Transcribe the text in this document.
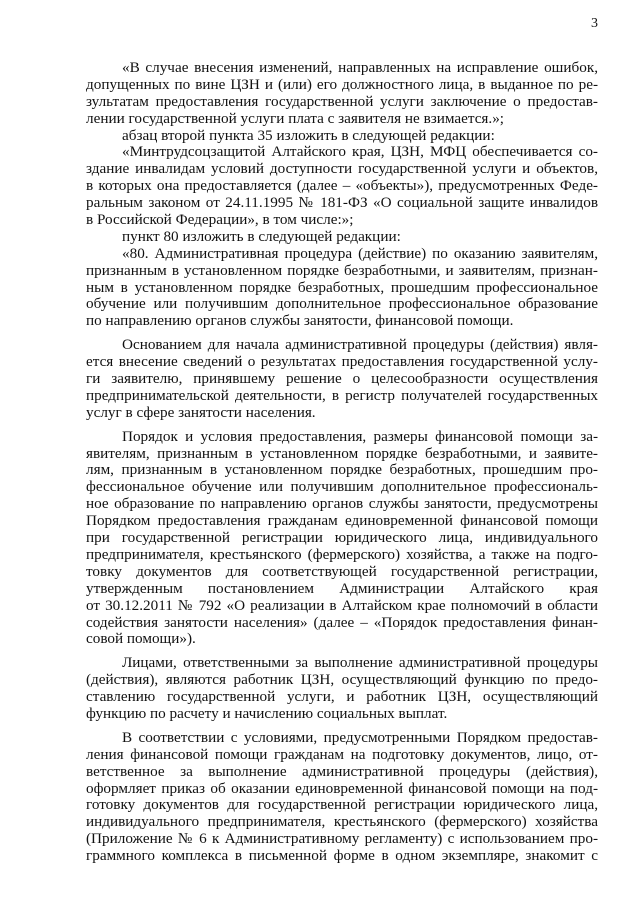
3
«В случае внесения изменений, направленных на исправление ошибок,
допущенных по вине ЦЗН и (или) его должностного лица, в выданное по ре-
зультатам предоставления государственной услуги заключение о предостав-
лении государственной услуги плата с заявителя не взимается.»;
абзац второй пункта 35 изложить в следующей редакции:
«Минтрудсоцзащитой Алтайского края, ЦЗН, МФЦ обеспечивается со-
здание инвалидам условий доступности государственной услуги и объектов,
в которых она предоставляется (далее – «объекты»), предусмотренных Феде-
ральным законом от 24.11.1995 № 181-ФЗ «О социальной защите инвалидов
в Российской Федерации», в том числе:»;
пункт 80 изложить в следующей редакции:
«80. Административная процедура (действие) по оказанию заявителям,
признанным в установленном порядке безработными, и заявителям, признан-
ным в установленном порядке безработных, прошедшим профессиональное
обучение или получившим дополнительное профессиональное образование
по направлению органов службы занятости, финансовой помощи.
Основанием для начала административной процедуры (действия) явля-
ется внесение сведений о результатах предоставления государственной услу-
ги заявителю, принявшему решение о целесообразности осуществления
предпринимательской деятельности, в регистр получателей государственных
услуг в сфере занятости населения.
Порядок и условия предоставления, размеры финансовой помощи за-
явителям, признанным в установленном порядке безработными, и заявите-
лям, признанным в установленном порядке безработных, прошедшим про-
фессиональное обучение или получившим дополнительное профессиональ-
ное образование по направлению органов службы занятости, предусмотрены
Порядком предоставления гражданам единовременной финансовой помощи
при государственной регистрации юридического лица, индивидуального
предпринимателя, крестьянского (фермерского) хозяйства, а также на подго-
товку документов для соответствующей государственной регистрации,
утвержденным постановлением Администрации Алтайского края
от 30.12.2011 № 792 «О реализации в Алтайском крае полномочий в области
содействия занятости населения» (далее – «Порядок предоставления финан-
совой помощи»).
Лицами, ответственными за выполнение административной процедуры
(действия), являются работник ЦЗН, осуществляющий функцию по предо-
ставлению государственной услуги, и работник ЦЗН, осуществляющий
функцию по расчету и начислению социальных выплат.
В соответствии с условиями, предусмотренными Порядком предостав-
ления финансовой помощи гражданам на подготовку документов, лицо, от-
ветственное за выполнение административной процедуры (действия),
оформляет приказ об оказании единовременной финансовой помощи на под-
готовку документов для государственной регистрации юридического лица,
индивидуального предпринимателя, крестьянского (фермерского) хозяйства
(Приложение № 6 к Административному регламенту) с использованием про-
граммного комплекса в письменной форме в одном экземпляре, знакомит с
